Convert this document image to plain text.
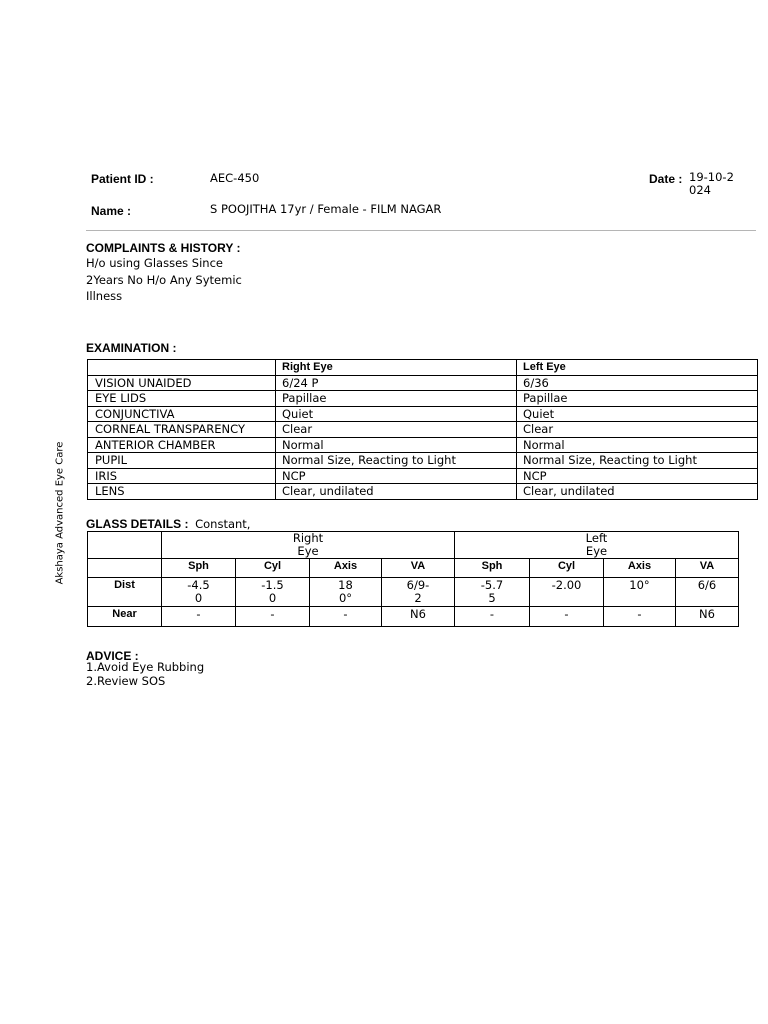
Akshaya Advanced Eye Care
Patient ID :	AEC-450	Date : 19-10-2024
Name :	S POOJITHA 17yr / Female - FILM NAGAR
COMPLAINTS & HISTORY :
H/o using Glasses Since 2Years No H/o Any Sytemic Illness
EXAMINATION :
	Right Eye	Left Eye
VISION UNAIDED	6/24 P	6/36
EYE LIDS	Papillae	Papillae
CONJUNCTIVA	Quiet	Quiet
CORNEAL TRANSPARENCY	Clear	Clear
ANTERIOR CHAMBER	Normal	Normal
PUPIL	Normal Size, Reacting to Light	Normal Size, Reacting to Light
IRIS	NCP	NCP
LENS	Clear, undilated	Clear, undilated
GLASS DETAILS : Constant,

	Right Eye				Left Eye			

	Sph	Cyl	Axis	VA	Sph	Cyl	Axis	VA
Dist	-4.50	-1.50	180°	6/9-2	-5.75	-2.00	10°	6/6

Near	-	-	-	N6	-	-	-	N6
ADVICE :
1.Avoid Eye Rubbing
2.Review SOS
